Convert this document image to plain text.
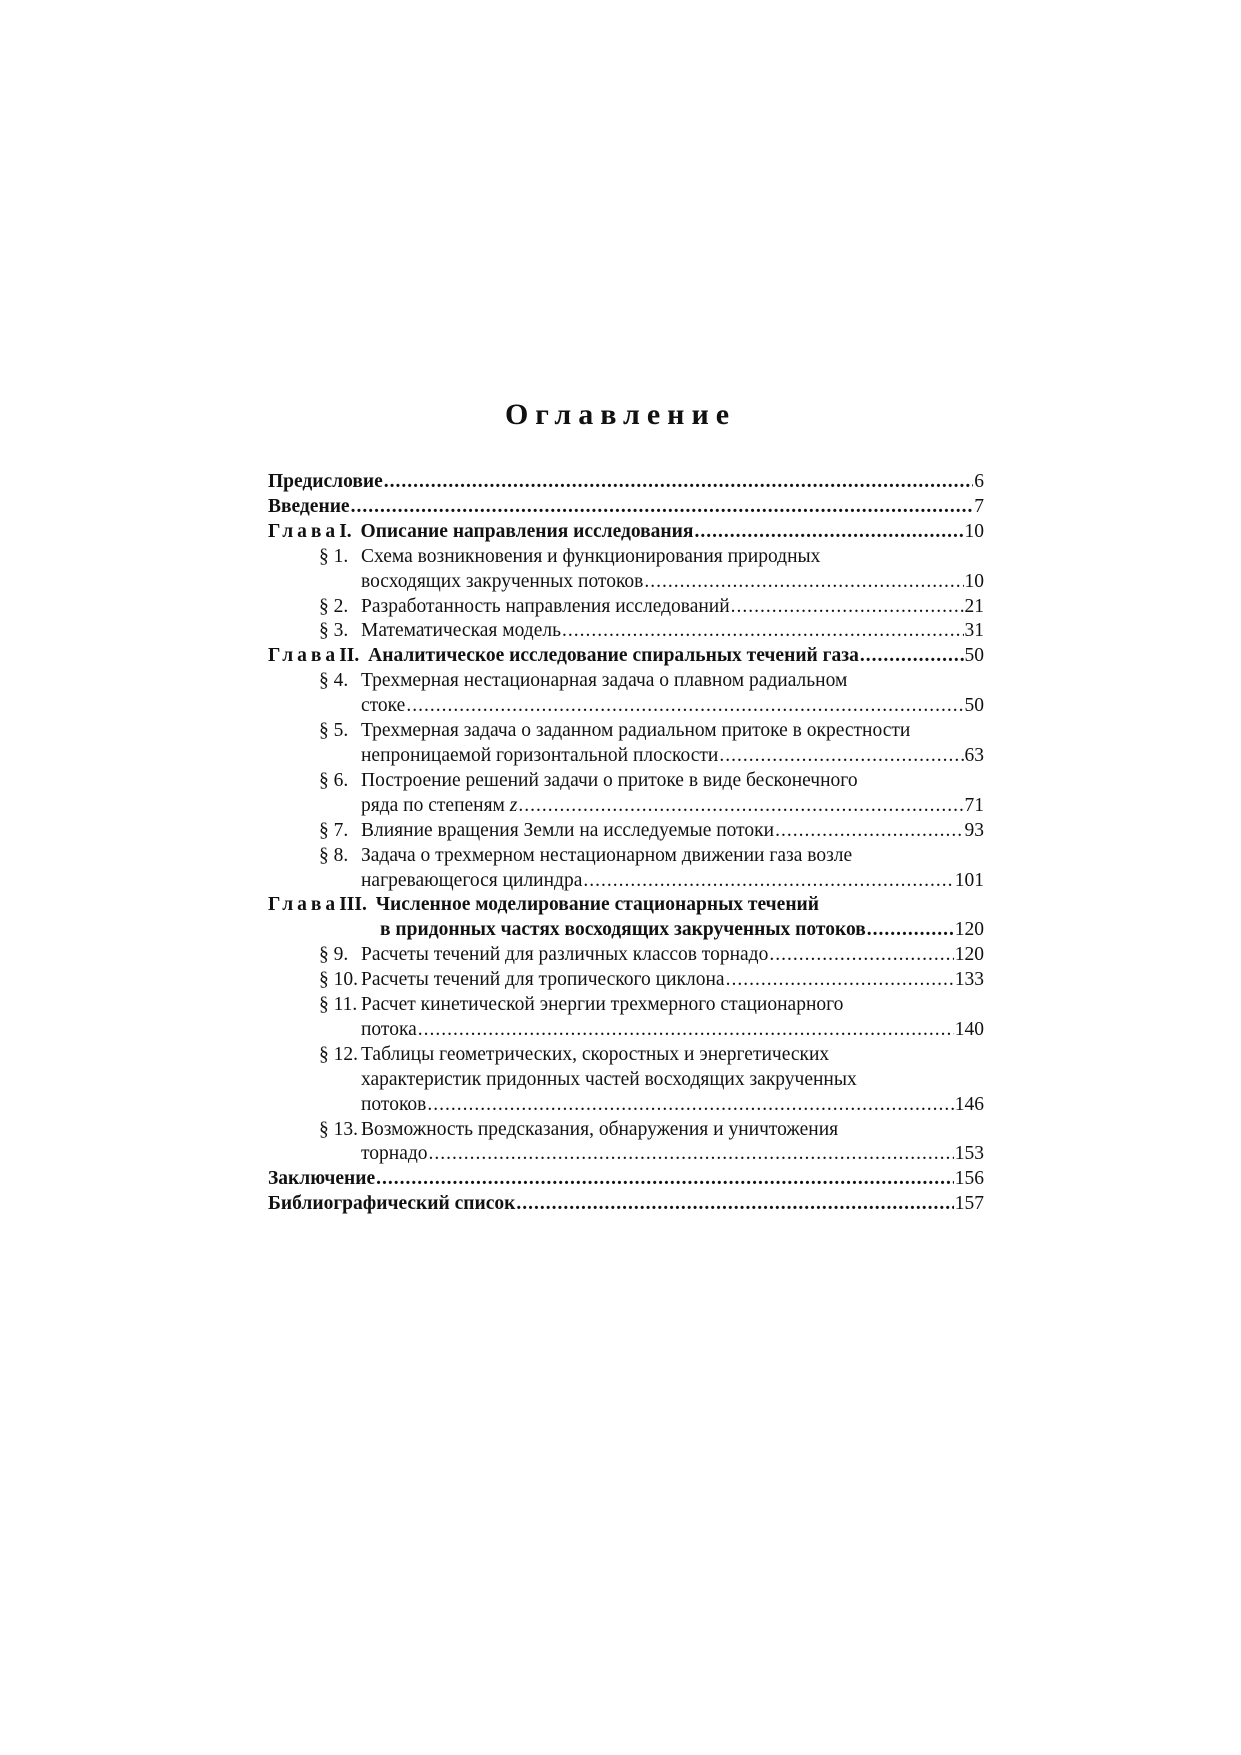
Оглавление
Предисловие .....	6
Введение .....	7
Глава I. Описание направления исследования .....	10
§ 1. Схема возникновения и функционирования природных
восходящих закрученных потоков .....	10
§ 2. Разработанность направления исследований .....	21
§ 3. Математическая модель .....	31
Глава II. Аналитическое исследование спиральных течений газа .....	50
§ 4. Трехмерная нестационарная задача о плавном радиальном
стоке .....	50
§ 5. Трехмерная задача о заданном радиальном притоке в окрестности
непроницаемой горизонтальной плоскости .....	63
§ 6. Построение решений задачи о притоке в виде бесконечного
ряда по степеням z .....	71
§ 7. Влияние вращения Земли на исследуемые потоки .....	93
§ 8. Задача о трехмерном нестационарном движении газа возле
нагревающегося цилиндра .....	101
Глава III. Численное моделирование стационарных течений
в придонных частях восходящих закрученных потоков .....	120
§ 9. Расчеты течений для различных классов торнадо .....	120
§ 10. Расчеты течений для тропического циклона .....	133
§ 11. Расчет кинетической энергии трехмерного стационарного
потока .....	140
§ 12. Таблицы геометрических, скоростных и энергетических
характеристик придонных частей восходящих закрученных
потоков .....	146
§ 13. Возможность предсказания, обнаружения и уничтожения
торнадо .....	153
Заключение .....	156
Библиографический список .....	157
